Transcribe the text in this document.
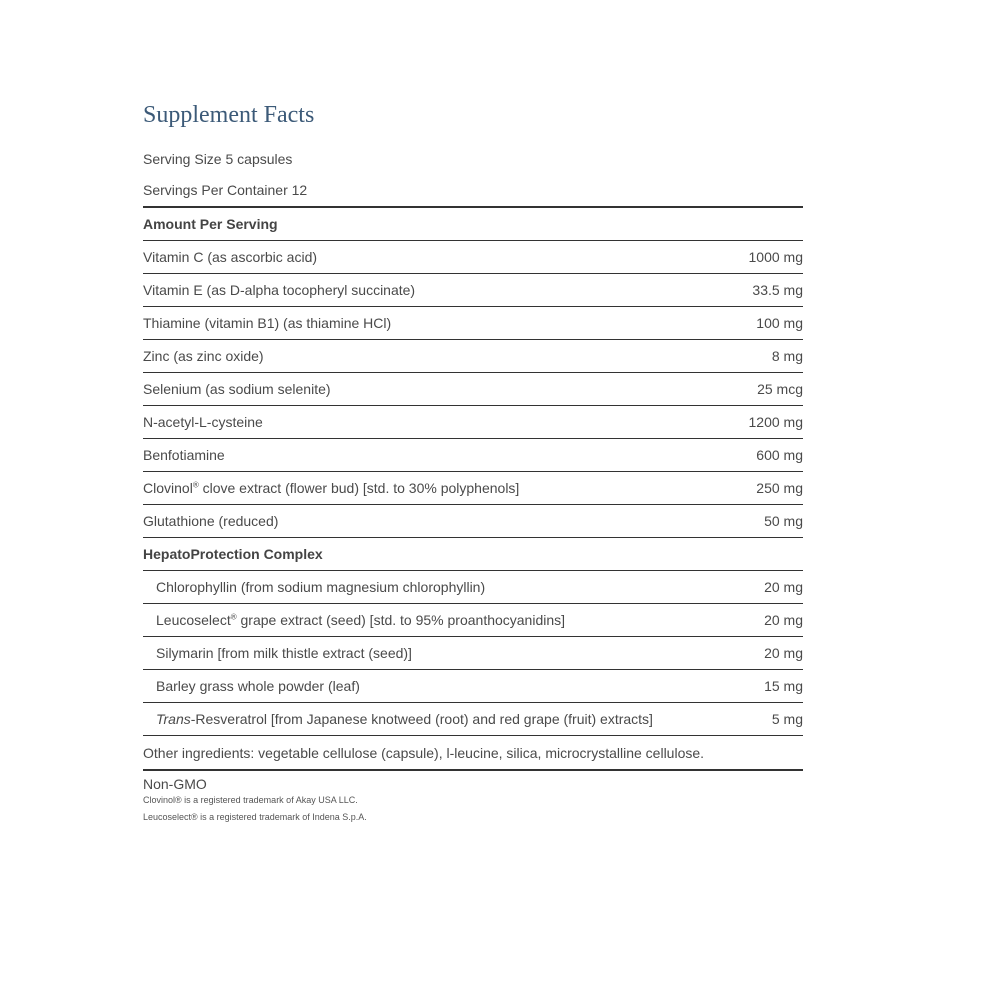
Supplement Facts
Serving Size 5 capsules
Servings Per Container 12
Amount Per Serving
Vitamin C (as ascorbic acid)	1000 mg
Vitamin E (as D-alpha tocopheryl succinate)	33.5 mg
Thiamine (vitamin B1) (as thiamine HCl)	100 mg
Zinc (as zinc oxide)	8 mg
Selenium (as sodium selenite)	25 mcg
N-acetyl-L-cysteine	1200 mg
Benfotiamine	600 mg
Clovinol® clove extract (flower bud) [std. to 30% polyphenols]	250 mg
Glutathione (reduced)	50 mg
HepatoProtection Complex
Chlorophyllin (from sodium magnesium chlorophyllin)	20 mg
Leucoselect® grape extract (seed) [std. to 95% proanthocyanidins]	20 mg
Silymarin [from milk thistle extract (seed)]	20 mg
Barley grass whole powder (leaf)	15 mg
Trans-Resveratrol [from Japanese knotweed (root) and red grape (fruit) extracts]	5 mg
Other ingredients: vegetable cellulose (capsule), l-leucine, silica, microcrystalline cellulose.
Non-GMO
Clovinol® is a registered trademark of Akay USA LLC.
Leucoselect® is a registered trademark of Indena S.p.A.
